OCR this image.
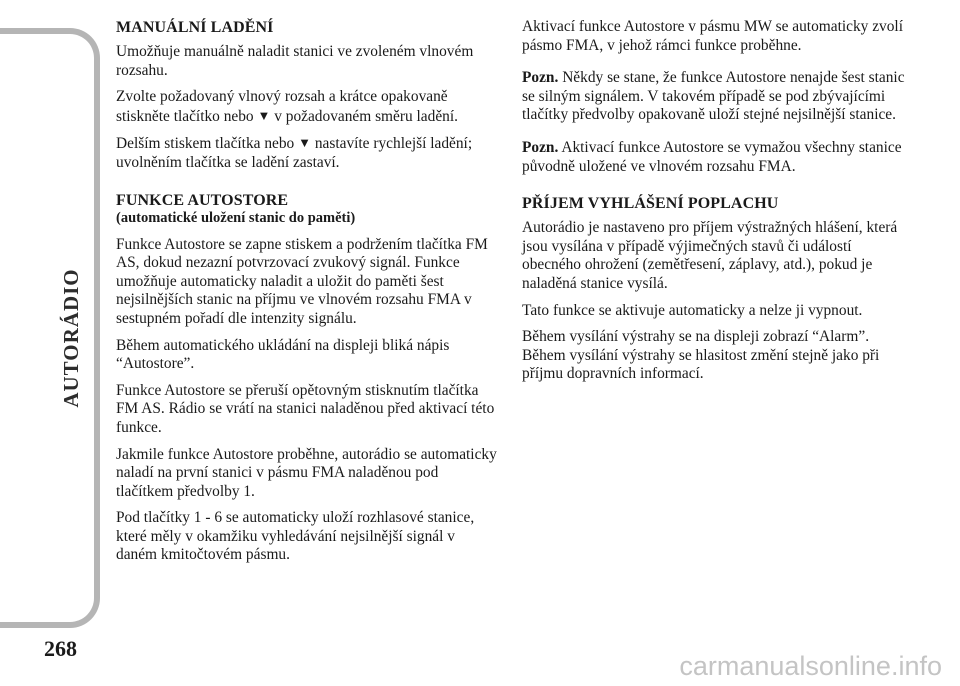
AUTORÁDIO
268
MANUÁLNÍ LADĚNÍ

Umožňuje manuálně naladit stanici ve zvoleném vlnovém rozsahu.

Zvolte požadovaný vlnový rozsah a krátce opakovaně stiskněte tlačítko nebo ▼ v požadovaném směru ladění.

Delším stiskem tlačítka nebo ▼ nastavíte rychlejší ladění; uvolněním tlačítka se ladění zastaví.

FUNKCE AUTOSTORE
(automatické uložení stanic do paměti)

Funkce Autostore se zapne stiskem a podržením tlačítka FM AS, dokud nezazní potvrzovací zvukový signál. Funkce umožňuje automaticky naladit a uložit do paměti šest nejsilnějších stanic na příjmu ve vlnovém rozsahu FMA v sestupném pořadí dle intenzity signálu.

Během automatického ukládání na displeji bliká nápis “Autostore”.

Funkce Autostore se přeruší opětovným stisknutím tlačítka FM AS. Rádio se vrátí na stanici naladěnou před aktivací této funkce.

Jakmile funkce Autostore proběhne, autorádio se automaticky naladí na první stanici v pásmu FMA naladěnou pod tlačítkem předvolby 1.

Pod tlačítky 1 - 6 se automaticky uloží rozhlasové stanice, které měly v okamžiku vyhledávání nejsilnější signál v daném kmitočtovém pásmu.

Aktivací funkce Autostore v pásmu MW se automaticky zvolí pásmo FMA, v jehož rámci funkce proběhne.

Pozn. Někdy se stane, že funkce Autostore nenajde šest stanic se silným signálem. V takovém případě se pod zbývajícími tlačítky předvolby opakovaně uloží stejné nejsilnější stanice.

Pozn. Aktivací funkce Autostore se vymažou všechny stanice původně uložené ve vlnovém rozsahu FMA.

PŘÍJEM VYHLÁŠENÍ POPLACHU

Autorádio je nastaveno pro příjem výstražných hlášení, která jsou vysílána v případě výjimečných stavů či událostí obecného ohrožení (zemětřesení, záplavy, atd.), pokud je naladěná stanice vysílá.

Tato funkce se aktivuje automaticky a nelze ji vypnout.

Během vysílání výstrahy se na displeji zobrazí “Alarm”. Během vysílání výstrahy se hlasitost změní stejně jako při příjmu dopravních informací.

carmanualsonline.info
